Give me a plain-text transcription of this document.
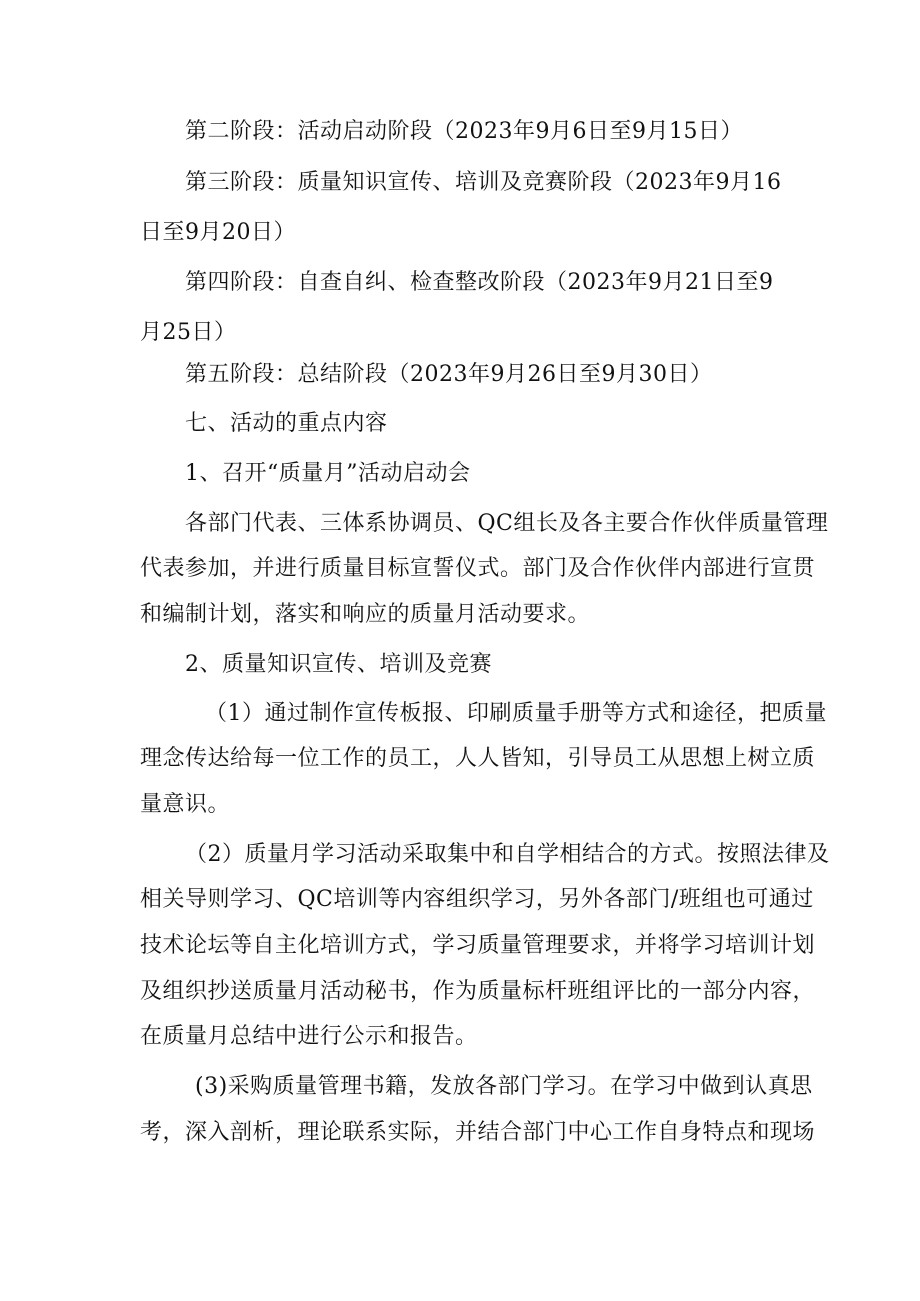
第二阶段：活动启动阶段（2023年9月6日至9月15日）
第三阶段：质量知识宣传、培训及竞赛阶段（2023年9月16
日至9月20日）
第四阶段：自查自纠、检查整改阶段（2023年9月21日至9
月25日）
第五阶段：总结阶段（2023年9月26日至9月30日）
七、活动的重点内容
1、召开“质量月”活动启动会
各部门代表、三体系协调员、QC组长及各主要合作伙伴质量管理
代表参加，并进行质量目标宣誓仪式。部门及合作伙伴内部进行宣贯
和编制计划，落实和响应的质量月活动要求。
2、质量知识宣传、培训及竞赛
（1）通过制作宣传板报、印刷质量手册等方式和途径，把质量
理念传达给每一位工作的员工，人人皆知，引导员工从思想上树立质
量意识。
（2）质量月学习活动采取集中和自学相结合的方式。按照法律及
相关导则学习、QC培训等内容组织学习，另外各部门/班组也可通过
技术论坛等自主化培训方式，学习质量管理要求，并将学习培训计划
及组织抄送质量月活动秘书，作为质量标杆班组评比的一部分内容，
在质量月总结中进行公示和报告。
(3)采购质量管理书籍，发放各部门学习。在学习中做到认真思
考，深入剖析，理论联系实际，并结合部门中心工作自身特点和现场
